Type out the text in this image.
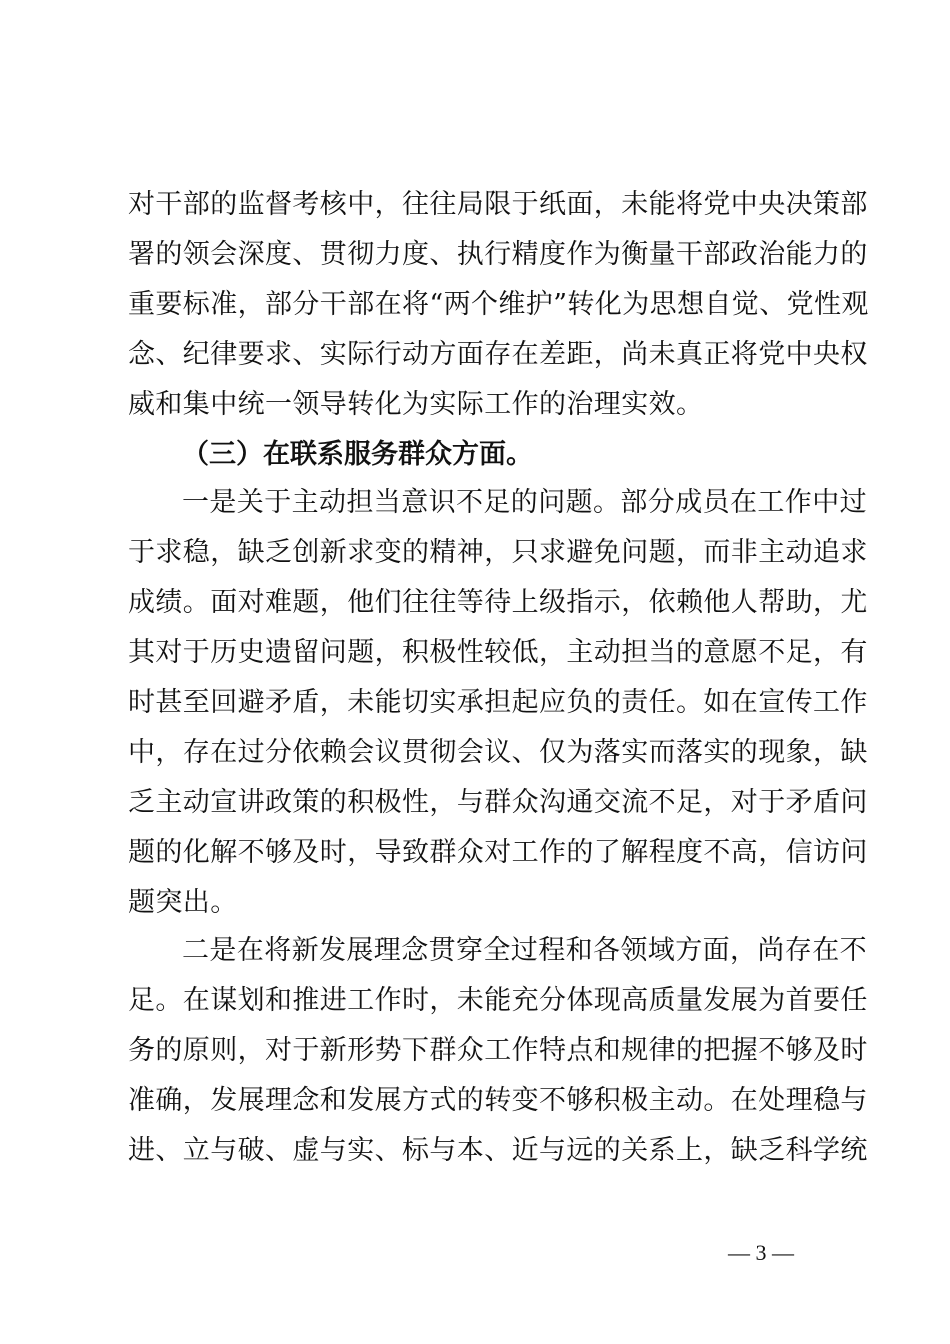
对干部的监督考核中，往往局限于纸面，未能将党中央决策部
署的领会深度、贯彻力度、执行精度作为衡量干部政治能力的
重要标准，部分干部在将“两个维护”转化为思想自觉、党性观
念、纪律要求、实际行动方面存在差距，尚未真正将党中央权
威和集中统一领导转化为实际工作的治理实效。
（三）在联系服务群众方面。
一是关于主动担当意识不足的问题。部分成员在工作中过
于求稳，缺乏创新求变的精神，只求避免问题，而非主动追求
成绩。面对难题，他们往往等待上级指示，依赖他人帮助，尤
其对于历史遗留问题，积极性较低，主动担当的意愿不足，有
时甚至回避矛盾，未能切实承担起应负的责任。如在宣传工作
中，存在过分依赖会议贯彻会议、仅为落实而落实的现象，缺
乏主动宣讲政策的积极性，与群众沟通交流不足，对于矛盾问
题的化解不够及时，导致群众对工作的了解程度不高，信访问
题突出。
二是在将新发展理念贯穿全过程和各领域方面，尚存在不
足。在谋划和推进工作时，未能充分体现高质量发展为首要任
务的原则，对于新形势下群众工作特点和规律的把握不够及时
准确，发展理念和发展方式的转变不够积极主动。在处理稳与
进、立与破、虚与实、标与本、近与远的关系上，缺乏科学统
— 3 —
